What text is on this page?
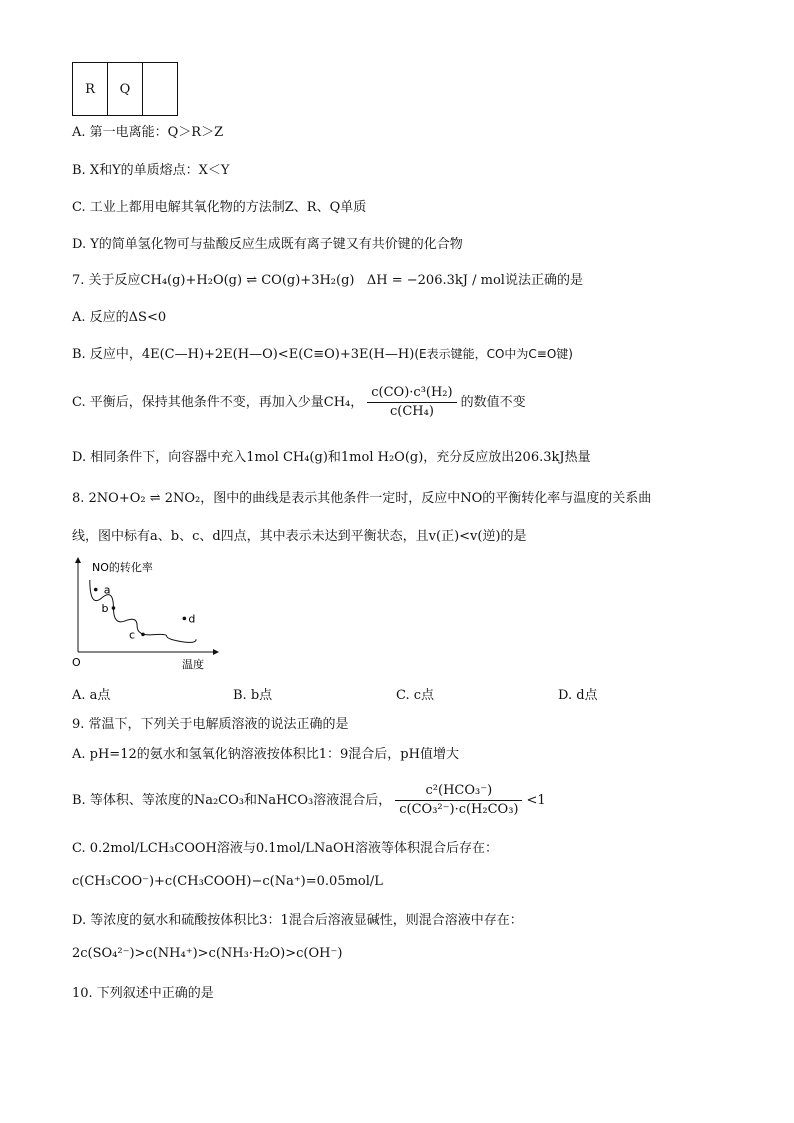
R	Q	
A. 第一电离能：Q＞R＞Z
B. X和Y的单质熔点：X＜Y
C. 工业上都用电解其氧化物的方法制Z、R、Q单质
D. Y的简单氢化物可与盐酸反应生成既有离子键又有共价键的化合物
7. 关于反应CH₄(g)+H₂O(g) ⇌ CO(g)+3H₂(g) ΔH = −206.3kJ / mol说法正确的是
A. 反应的ΔS<0
B. 反应中，4E(C—H)+2E(H—O)<E(C≡O)+3E(H—H)(E表示键能，CO中为C≡O键)
C. 平衡后，保持其他条件不变，再加入少量CH₄， $\frac{\text{c(CO)·c³(H₂)}}{\text{c(CH₄)}}$ 的数值不变
D. 相同条件下，向容器中充入1mol CH₄(g)和1mol H₂O(g)，充分反应放出206.3kJ热量
8. 2NO+O₂ ⇌ 2NO₂，图中的曲线是表示其他条件一定时，反应中NO的平衡转化率与温度的关系曲
线，图中标有a、b、c、d四点，其中表示未达到平衡状态，且v(正)<v(逆)的是
NO的转化率
O	温度
a
b
c
d
A. a点	B. b点	C. c点	D. d点
9. 常温下，下列关于电解质溶液的说法正确的是
A. pH=12的氨水和氢氧化钠溶液按体积比1：9混合后，pH值增大
B. 等体积、等浓度的Na₂CO₃和NaHCO₃溶液混合后， $\frac{\text{c²(HCO₃⁻)}}{\text{c(CO₃²⁻)·c(H₂CO₃)}} <1$
C. 0.2mol/LCH₃COOH溶液与0.1mol/LNaOH溶液等体积混合后存在：
c(CH₃COO⁻)+c(CH₃COOH)−c(Na⁺)=0.05mol/L
D. 等浓度的氨水和硫酸按体积比3：1混合后溶液显碱性，则混合溶液中存在：
2c(SO₄²⁻)>c(NH₄⁺)>c(NH₃·H₂O)>c(OH⁻)
10. 下列叙述中正确的是
